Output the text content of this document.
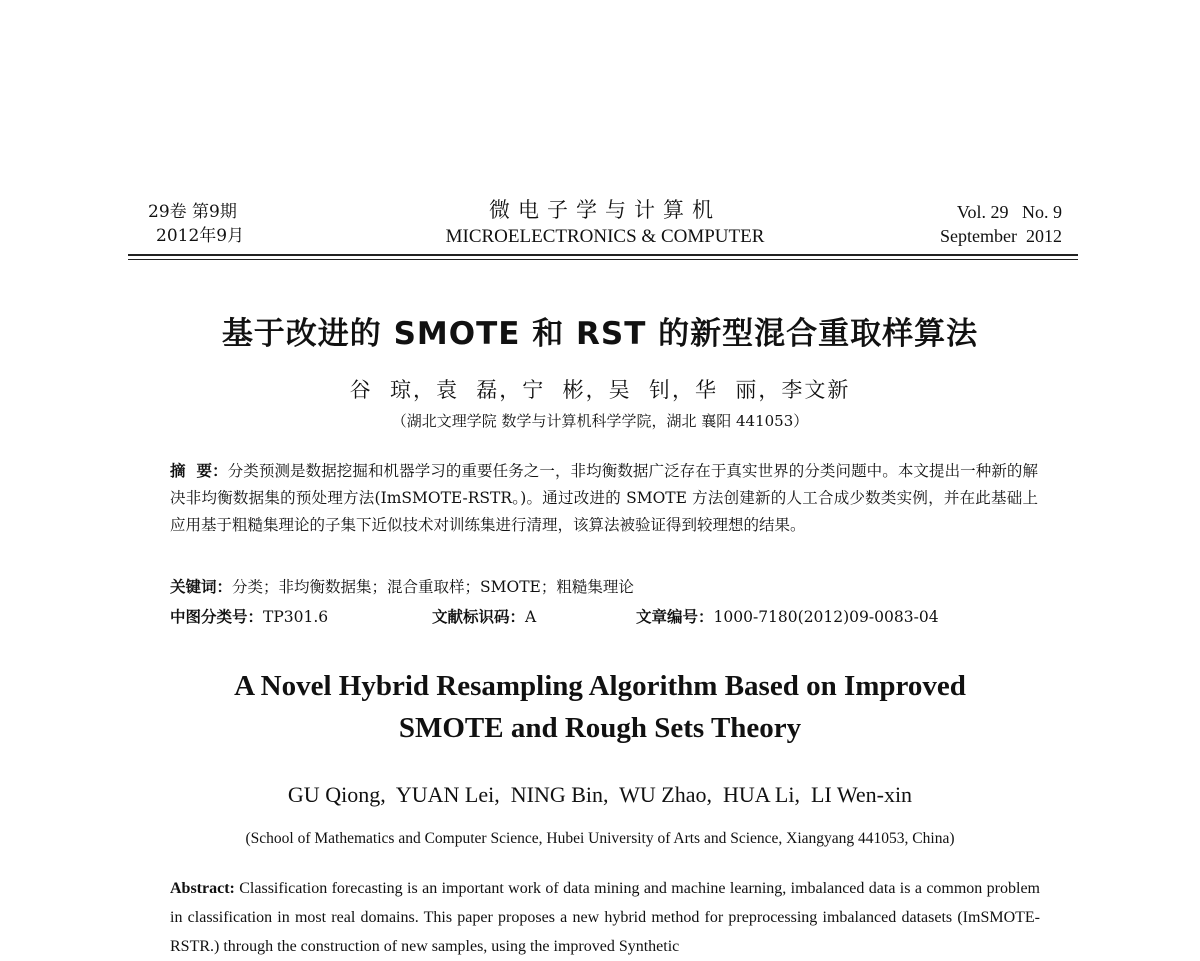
29卷 第9期
2012年9月
微电子学与计算机
MICROELECTRONICS & COMPUTER
Vol. 29   No. 9
September  2012
基于改进的 SMOTE 和 RST 的新型混合重取样算法
谷  琼，袁  磊，宁  彬，吴  钊，华  丽，李文新
（湖北文理学院 数学与计算机科学学院，湖北 襄阳 441053）
摘  要：分类预测是数据挖掘和机器学习的重要任务之一，非均衡数据广泛存在于真实世界的分类问题中。本文提出一种新的解决非均衡数据集的预处理方法(ImSMOTE-RSTR。)。通过改进的 SMOTE 方法创建新的人工合成少数类实例，并在此基础上应用基于粗糙集理论的子集下近似技术对训练集进行清理，该算法被验证得到较理想的结果。
关键词：分类；非均衡数据集；混合重取样；SMOTE；粗糙集理论
中图分类号：TP301.6	文献标识码：A	文章编号：1000-7180(2012)09-0083-04
A Novel Hybrid Resampling Algorithm Based on Improved
SMOTE and Rough Sets Theory
GU Qiong,  YUAN Lei,  NING Bin,  WU Zhao,  HUA Li,  LI Wen-xin
(School of Mathematics and Computer Science, Hubei University of Arts and Science, Xiangyang 441053, China)
Abstract: Classification forecasting is an important work of data mining and machine learning, imbalanced data is a common problem in classification in most real domains. This paper proposes a new hybrid method for preprocessing imbalanced datasets (ImSMOTE-RSTR.) through the construction of new samples, using the improved Synthetic
